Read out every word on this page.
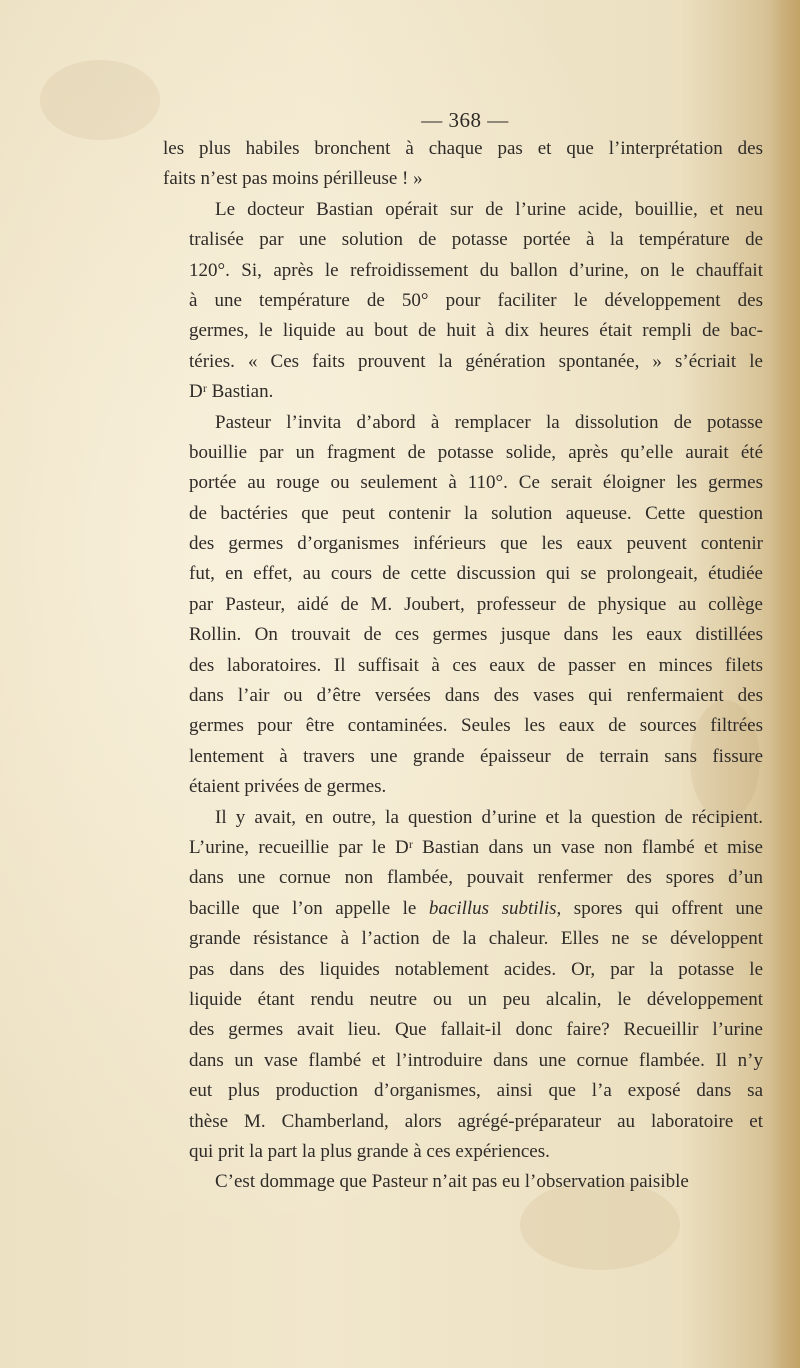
— 368 —
les plus habiles bronchent à chaque pas et que l’interprétation des
faits n’est pas moins périlleuse ! »
Le docteur Bastian opérait sur de l’urine acide, bouillie, et neu
tralisée par une solution de potasse portée à la température de
120°. Si, après le refroidissement du ballon d’urine, on le chauffait
à une température de 50° pour faciliter le développement des
germes, le liquide au bout de huit à dix heures était rempli de bac-
téries. « Ces faits prouvent la génération spontanée, » s’écriait le
Dʳ Bastian.
Pasteur l’invita d’abord à remplacer la dissolution de potasse
bouillie par un fragment de potasse solide, après qu’elle aurait été
portée au rouge ou seulement à 110°. Ce serait éloigner les germes
de bactéries que peut contenir la solution aqueuse. Cette question
des germes d’organismes inférieurs que les eaux peuvent contenir
fut, en effet, au cours de cette discussion qui se prolongeait, étudiée
par Pasteur, aidé de M. Joubert, professeur de physique au collège
Rollin. On trouvait de ces germes jusque dans les eaux distillées
des laboratoires. Il suffisait à ces eaux de passer en minces filets
dans l’air ou d’être versées dans des vases qui renfermaient des
germes pour être contaminées. Seules les eaux de sources filtrées
lentement à travers une grande épaisseur de terrain sans fissure
étaient privées de germes.
Il y avait, en outre, la question d’urine et la question de récipient.
L’urine, recueillie par le Dʳ Bastian dans un vase non flambé et mise
dans une cornue non flambée, pouvait renfermer des spores d’un
bacille que l’on appelle le bacillus subtilis, spores qui offrent une
grande résistance à l’action de la chaleur. Elles ne se développent
pas dans des liquides notablement acides. Or, par la potasse le
liquide étant rendu neutre ou un peu alcalin, le développement
des germes avait lieu. Que fallait-il donc faire? Recueillir l’urine
dans un vase flambé et l’introduire dans une cornue flambée. Il n’y
eut plus production d’organismes, ainsi que l’a exposé dans sa
thèse M. Chamberland, alors agrégé-préparateur au laboratoire et
qui prit la part la plus grande à ces expériences.
C’est dommage que Pasteur n’ait pas eu l’observation paisible
